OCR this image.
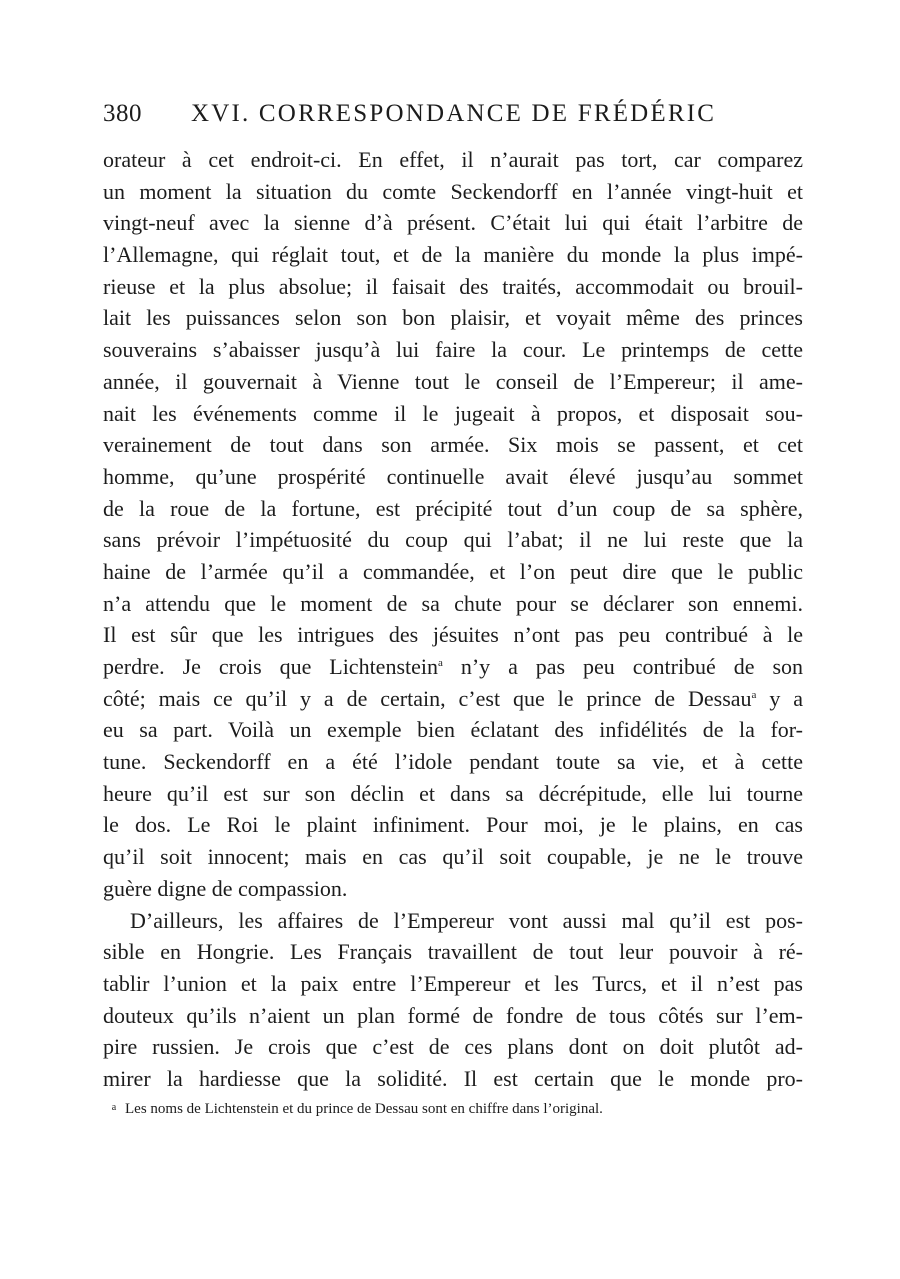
380 XVI. CORRESPONDANCE DE FRÉDÉRIC
orateur à cet endroit-ci. En effet, il n’aurait pas tort, car comparez
un moment la situation du comte Seckendorff en l’année vingt-huit et
vingt-neuf avec la sienne d’à présent. C’était lui qui était l’arbitre de
l’Allemagne, qui réglait tout, et de la manière du monde la plus impé-
rieuse et la plus absolue; il faisait des traités, accommodait ou brouil-
lait les puissances selon son bon plaisir, et voyait même des princes
souverains s’abaisser jusqu’à lui faire la cour. Le printemps de cette
année, il gouvernait à Vienne tout le conseil de l’Empereur; il ame-
nait les événements comme il le jugeait à propos, et disposait sou-
verainement de tout dans son armée. Six mois se passent, et cet
homme, qu’une prospérité continuelle avait élevé jusqu’au sommet
de la roue de la fortune, est précipité tout d’un coup de sa sphère,
sans prévoir l’impétuosité du coup qui l’abat; il ne lui reste que la
haine de l’armée qu’il a commandée, et l’on peut dire que le public
n’a attendu que le moment de sa chute pour se déclarer son ennemi.
Il est sûr que les intrigues des jésuites n’ont pas peu contribué à le
perdre. Je crois que Lichtenstein$^a$ n’y a pas peu contribué de son
côté; mais ce qu’il y a de certain, c’est que le prince de Dessau$^a$ y a
eu sa part. Voilà un exemple bien éclatant des infidélités de la for-
tune. Seckendorff en a été l’idole pendant toute sa vie, et à cette
heure qu’il est sur son déclin et dans sa décrépitude, elle lui tourne
le dos. Le Roi le plaint infiniment. Pour moi, je le plains, en cas
qu’il soit innocent; mais en cas qu’il soit coupable, je ne le trouve
guère digne de compassion.
D’ailleurs, les affaires de l’Empereur vont aussi mal qu’il est pos-
sible en Hongrie. Les Français travaillent de tout leur pouvoir à ré-
tablir l’union et la paix entre l’Empereur et les Turcs, et il n’est pas
douteux qu’ils n’aient un plan formé de fondre de tous côtés sur l’em-
pire russien. Je crois que c’est de ces plans dont on doit plutôt ad-
mirer la hardiesse que la solidité. Il est certain que le monde pro-
a Les noms de Lichtenstein et du prince de Dessau sont en chiffre dans l’original.
